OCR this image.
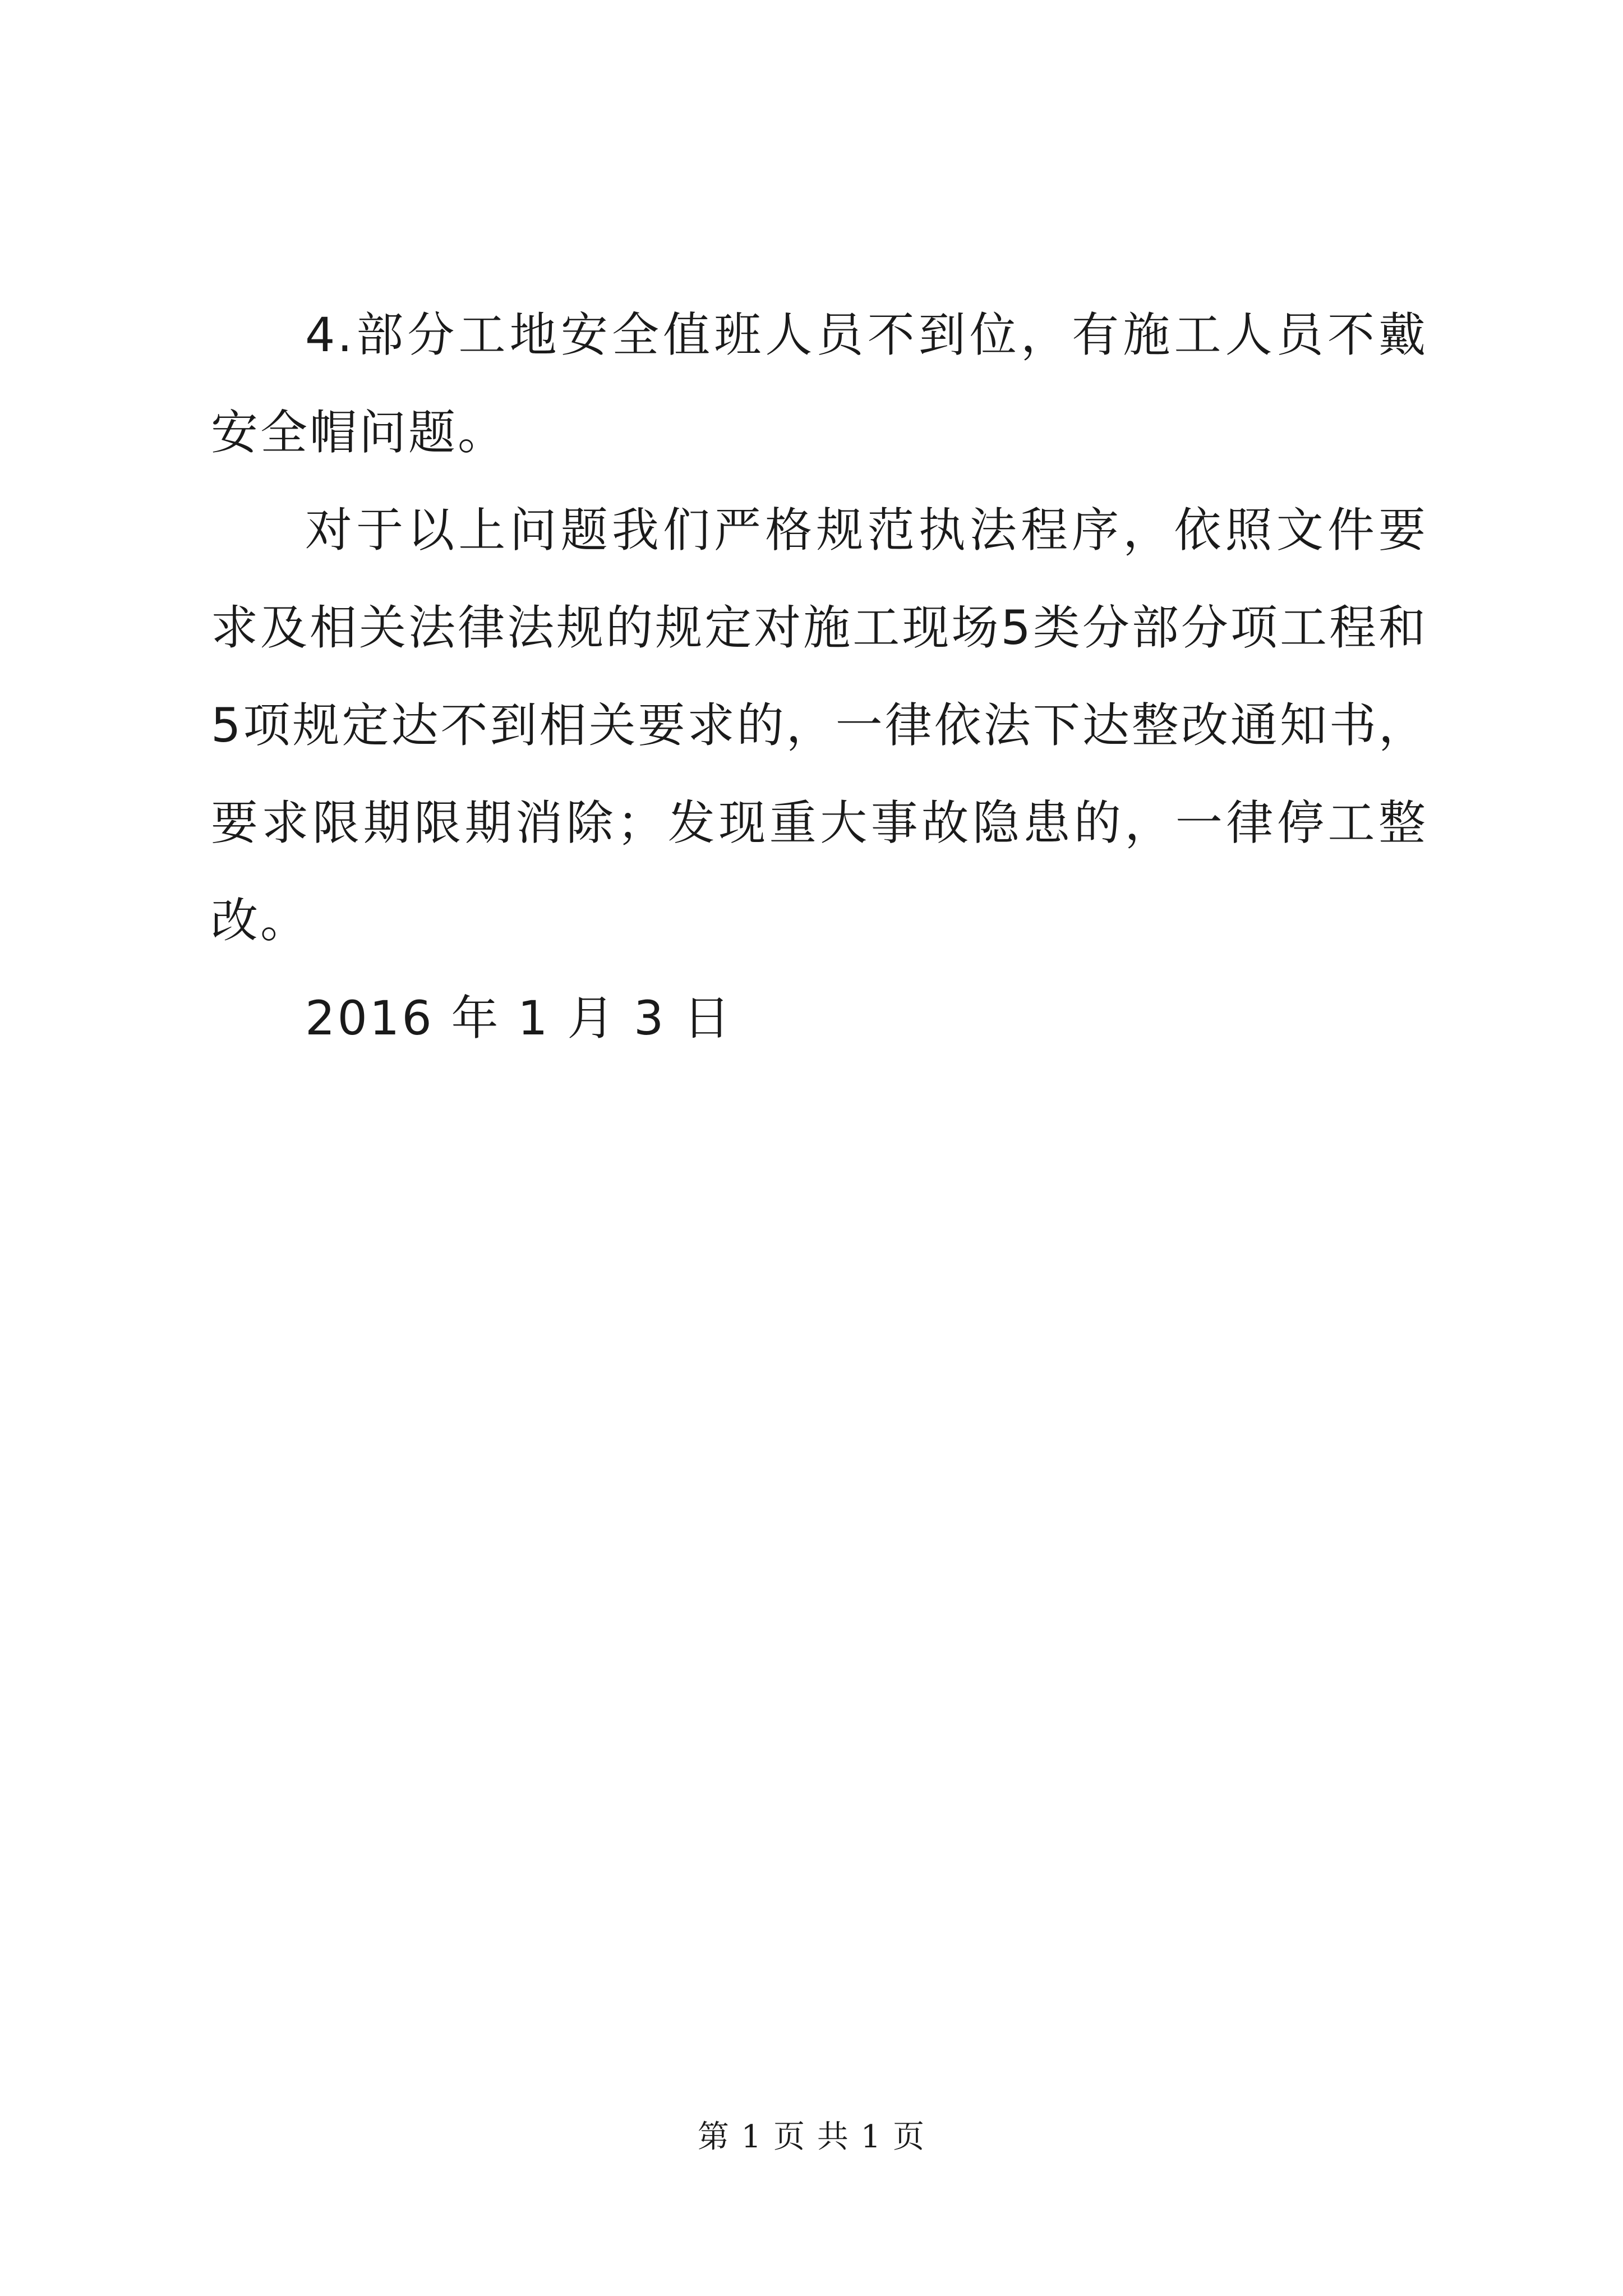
4.部分工地安全值班人员不到位，有施工人员不戴安全帽问题。

对于以上问题我们严格规范执法程序，依照文件要求及相关法律法规的规定对施工现场5类分部分项工程和5项规定达不到相关要求的，一律依法下达整改通知书，要求限期限期消除；发现重大事故隐患的，一律停工整改。

2016 年 1 月 3 日

第 1 页 共 1 页
